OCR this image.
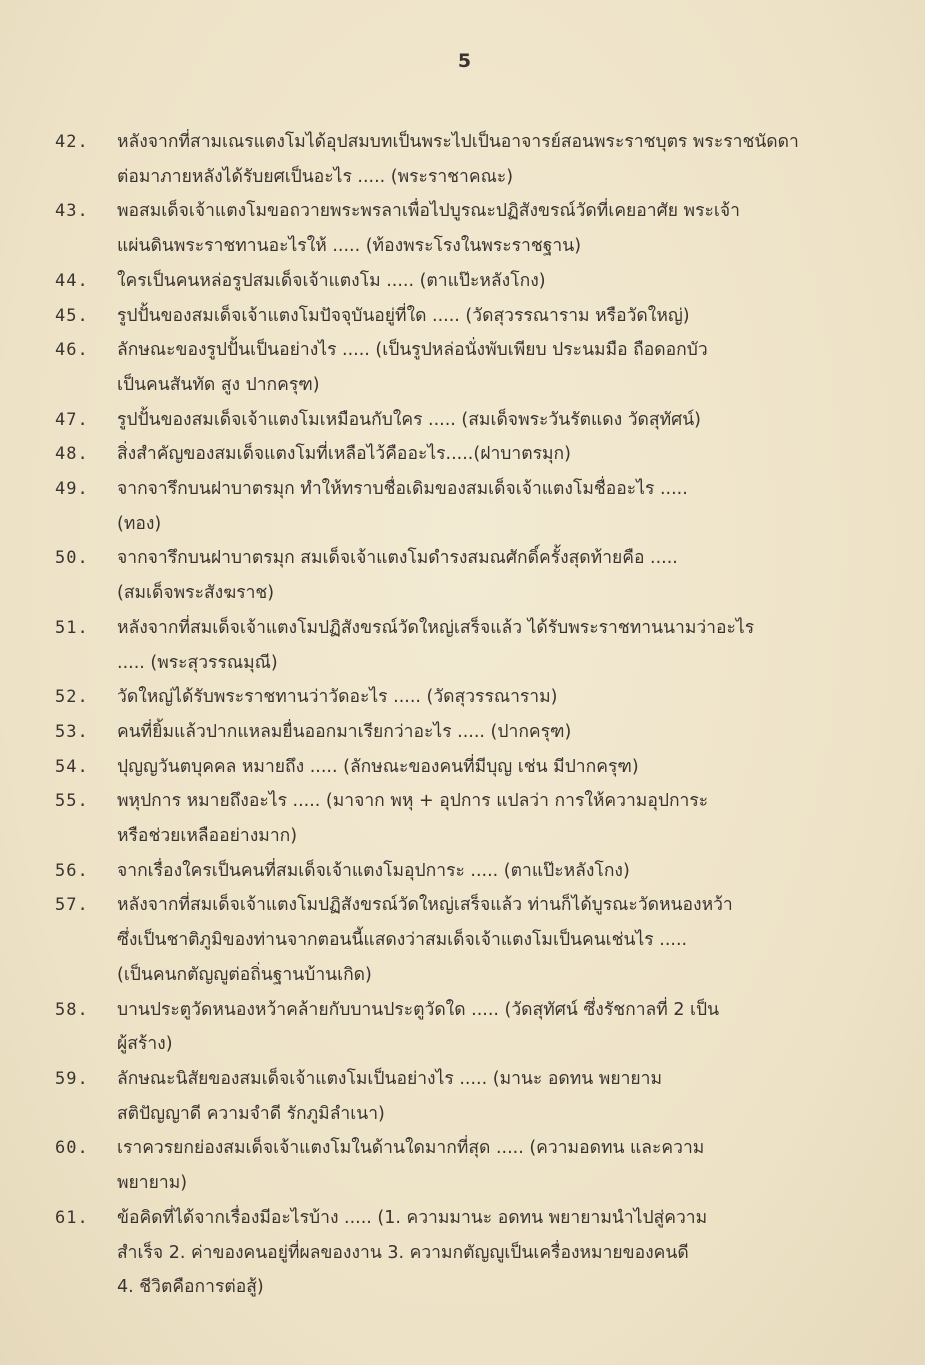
5
42.	หลังจากที่สามเณรแตงโมได้อุปสมบทเป็นพระไปเป็นอาจารย์สอนพระราชบุตร พระราชนัดดา
ต่อมาภายหลังได้รับยศเป็นอะไร ..... (พระราชาคณะ)
43.	พอสมเด็จเจ้าแตงโมขอถวายพระพรลาเพื่อไปบูรณะปฏิสังขรณ์วัดที่เคยอาศัย พระเจ้า
แผ่นดินพระราชทานอะไรให้ ..... (ท้องพระโรงในพระราชฐาน)
44.	ใครเป็นคนหล่อรูปสมเด็จเจ้าแตงโม ..... (ตาแป๊ะหลังโกง)
45.	รูปปั้นของสมเด็จเจ้าแตงโมปัจจุบันอยู่ที่ใด ..... (วัดสุวรรณาราม หรือวัดใหญ่)
46.	ลักษณะของรูปปั้นเป็นอย่างไร ..... (เป็นรูปหล่อนั่งพับเพียบ ประนมมือ ถือดอกบัว
เป็นคนสันทัด สูง ปากครุฑ)
47.	รูปปั้นของสมเด็จเจ้าแตงโมเหมือนกับใคร ..... (สมเด็จพระวันรัตแดง วัดสุทัศน์)
48.	สิ่งสำคัญของสมเด็จแตงโมที่เหลือไว้คืออะไร.....(ฝาบาตรมุก)
49.	จากจารึกบนฝาบาตรมุก ทำให้ทราบชื่อเดิมของสมเด็จเจ้าแตงโมชื่ออะไร .....
(ทอง)
50.	จากจารึกบนฝาบาตรมุก สมเด็จเจ้าแตงโมดำรงสมณศักดิ์ครั้งสุดท้ายคือ .....
(สมเด็จพระสังฆราช)
51.	หลังจากที่สมเด็จเจ้าแตงโมปฏิสังขรณ์วัดใหญ่เสร็จแล้ว ได้รับพระราชทานนามว่าอะไร
..... (พระสุวรรณมุณี)
52.	วัดใหญ่ได้รับพระราชทานว่าวัดอะไร ..... (วัดสุวรรณาราม)
53.	คนที่ยิ้มแล้วปากแหลมยื่นออกมาเรียกว่าอะไร ..... (ปากครุฑ)
54.	ปุญญวันตบุคคล หมายถึง ..... (ลักษณะของคนที่มีบุญ เช่น มีปากครุฑ)
55.	พหุปการ หมายถึงอะไร ..... (มาจาก พหุ + อุปการ แปลว่า การให้ความอุปการะ
หรือช่วยเหลืออย่างมาก)
56.	จากเรื่องใครเป็นคนที่สมเด็จเจ้าแตงโมอุปการะ ..... (ตาแป๊ะหลังโกง)
57.	หลังจากที่สมเด็จเจ้าแตงโมปฏิสังขรณ์วัดใหญ่เสร็จแล้ว ท่านก็ได้บูรณะวัดหนองหว้า
ซึ่งเป็นชาติภูมิของท่านจากตอนนี้แสดงว่าสมเด็จเจ้าแตงโมเป็นคนเช่นไร .....
(เป็นคนกตัญญูต่อถิ่นฐานบ้านเกิด)
58.	บานประตูวัดหนองหว้าคล้ายกับบานประตูวัดใด ..... (วัดสุทัศน์ ซึ่งรัชกาลที่ 2 เป็น
ผู้สร้าง)
59.	ลักษณะนิสัยของสมเด็จเจ้าแตงโมเป็นอย่างไร ..... (มานะ อดทน พยายาม
สติปัญญาดี ความจำดี รักภูมิลำเนา)
60.	เราควรยกย่องสมเด็จเจ้าแตงโมในด้านใดมากที่สุด ..... (ความอดทน และความ
พยายาม)
61.	ข้อคิดที่ได้จากเรื่องมีอะไรบ้าง ..... (1. ความมานะ อดทน พยายามนำไปสู่ความ
สำเร็จ 2. ค่าของคนอยู่ที่ผลของงาน 3. ความกตัญญูเป็นเครื่องหมายของคนดี
4. ชีวิตคือการต่อสู้)
